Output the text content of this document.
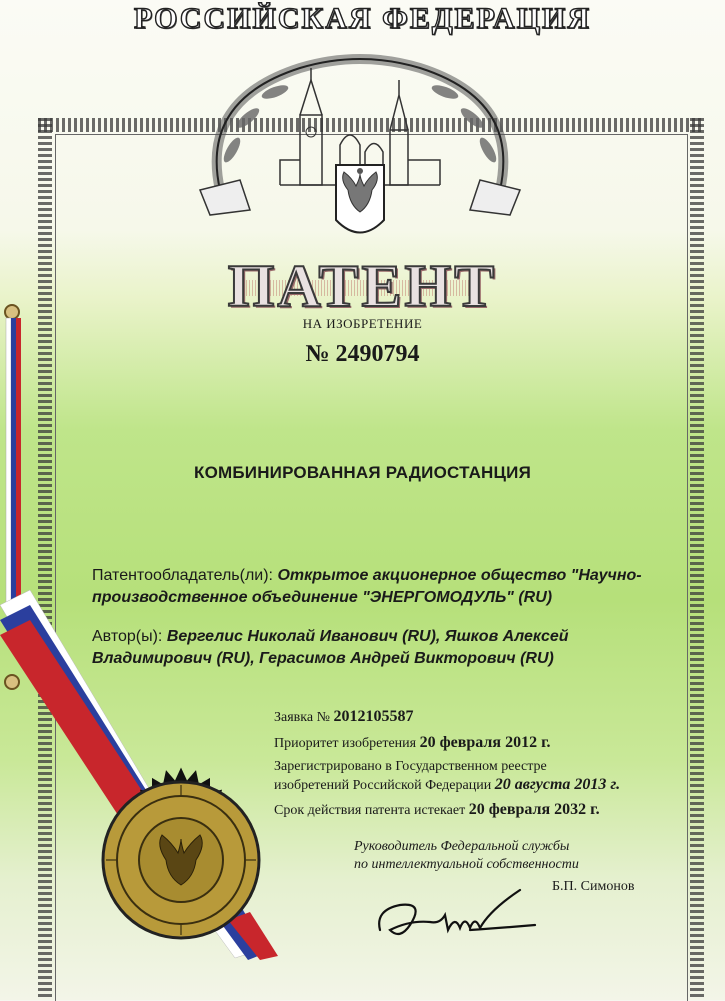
РОССИЙСКАЯ ФЕДЕРАЦИЯ
ПАТЕНТ
НА ИЗОБРЕТЕНИЕ
№ 2490794
КОМБИНИРОВАННАЯ РАДИОСТАНЦИЯ
Патентообладатель(ли): Открытое акционерное общество "Научно-производственное объединение "ЭНЕРГОМОДУЛЬ" (RU)
Автор(ы): Вергелис Николай Иванович (RU), Яшков Алексей Владимирович (RU), Герасимов Андрей Викторович (RU)
Заявка № 2012105587
Приоритет изобретения 20 февраля 2012 г.
Зарегистрировано в Государственном реестре
изобретений Российской Федерации 20 августа 2013 г.
Срок действия патента истекает 20 февраля 2032 г.
Руководитель Федеральной службы
по интеллектуальной собственности
Б.П. Симонов
